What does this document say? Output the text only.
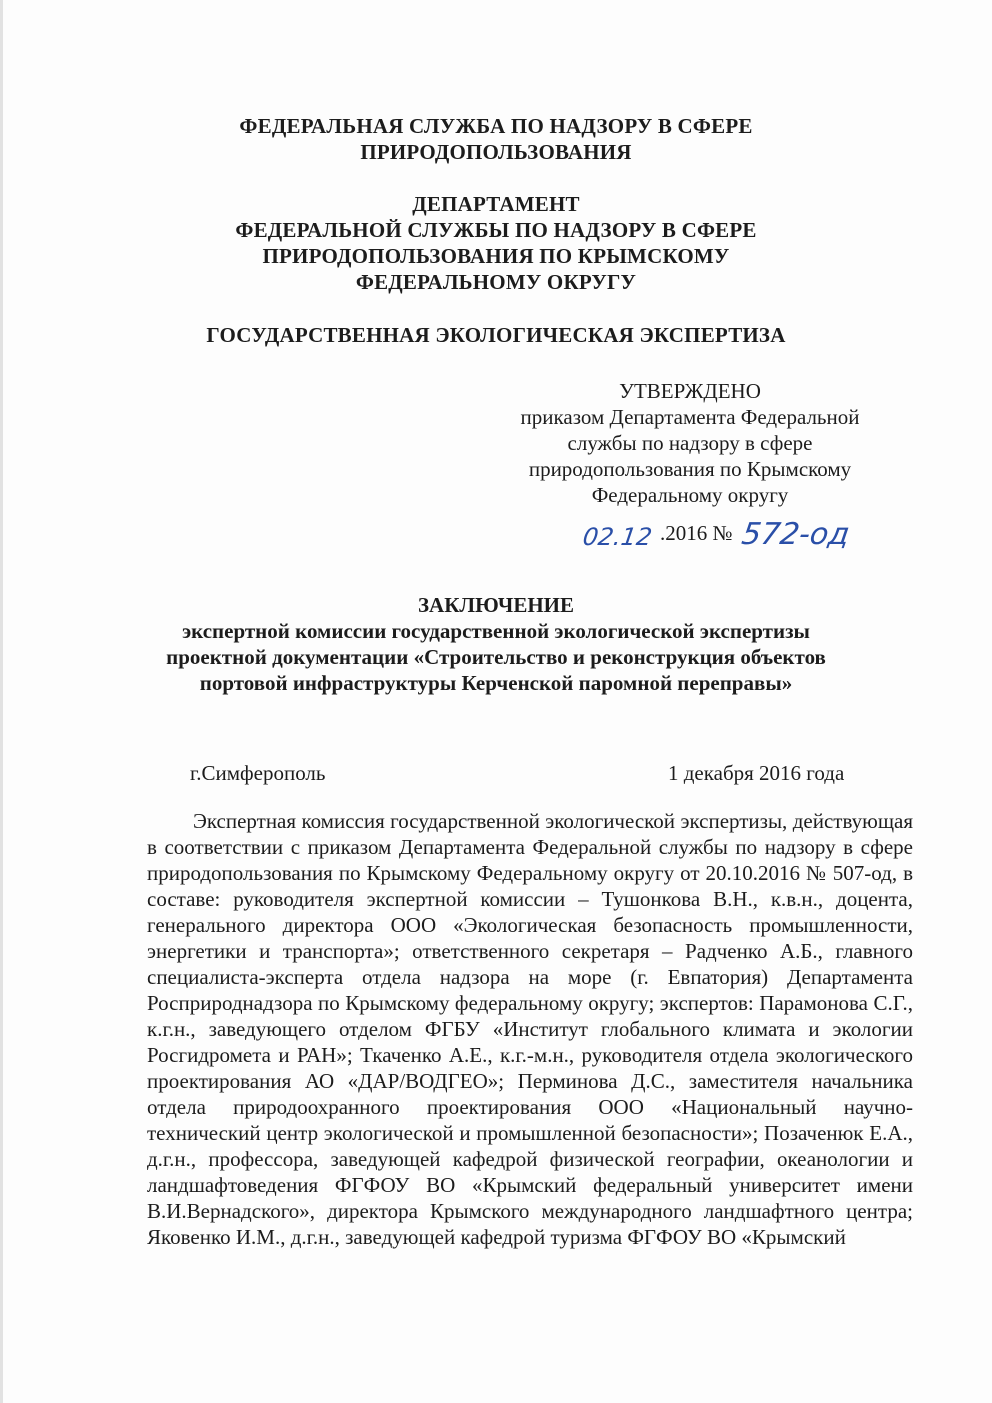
ФЕДЕРАЛЬНАЯ СЛУЖБА ПО НАДЗОРУ В СФЕРЕ
ПРИРОДОПОЛЬЗОВАНИЯ
ДЕПАРТАМЕНТ
ФЕДЕРАЛЬНОЙ СЛУЖБЫ ПО НАДЗОРУ В СФЕРЕ
ПРИРОДОПОЛЬЗОВАНИЯ ПО КРЫМСКОМУ
ФЕДЕРАЛЬНОМУ ОКРУГУ
ГОСУДАРСТВЕННАЯ ЭКОЛОГИЧЕСКАЯ ЭКСПЕРТИЗА
УТВЕРЖДЕНО
приказом Департамента Федеральной
службы по надзору в сфере
природопользования по Крымскому
Федеральному округу
02.12 .2016 № 572-од
ЗАКЛЮЧЕНИЕ
экспертной комиссии государственной экологической экспертизы
проектной документации «Строительство и реконструкция объектов
портовой инфраструктуры Керченской паромной переправы»
г.Симферополь	1 декабря 2016 года
Экспертная комиссия государственной экологической экспертизы, действующая в соответствии с приказом Департамента Федеральной службы по надзору в сфере природопользования по Крымскому Федеральному округу от 20.10.2016 № 507-од, в составе: руководителя экспертной комиссии – Тушонкова В.Н., к.в.н., доцента, генерального директора ООО «Экологическая безопасность промышленности, энергетики и транспорта»; ответственного секретаря – Радченко А.Б., главного специалиста-эксперта отдела надзора на море (г. Евпатория) Департамента Росприроднадзора по Крымскому федеральному округу; экспертов: Парамонова С.Г., к.г.н., заведующего отделом ФГБУ «Институт глобального климата и экологии Росгидромета и РАН»; Ткаченко А.Е., к.г.-м.н., руководителя отдела экологического проектирования АО «ДАР/ВОДГЕО»; Перминова Д.С., заместителя начальника отдела природоохранного проектирования ООО «Национальный научно-технический центр экологической и промышленной безопасности»; Позаченюк Е.А., д.г.н., профессора, заведующей кафедрой физической географии, океанологии и ландшафтоведения ФГФОУ ВО «Крымский федеральный университет имени В.И.Вернадского», директора Крымского международного ландшафтного центра; Яковенко И.М., д.г.н., заведующей кафедрой туризма ФГФОУ ВО «Крымский
